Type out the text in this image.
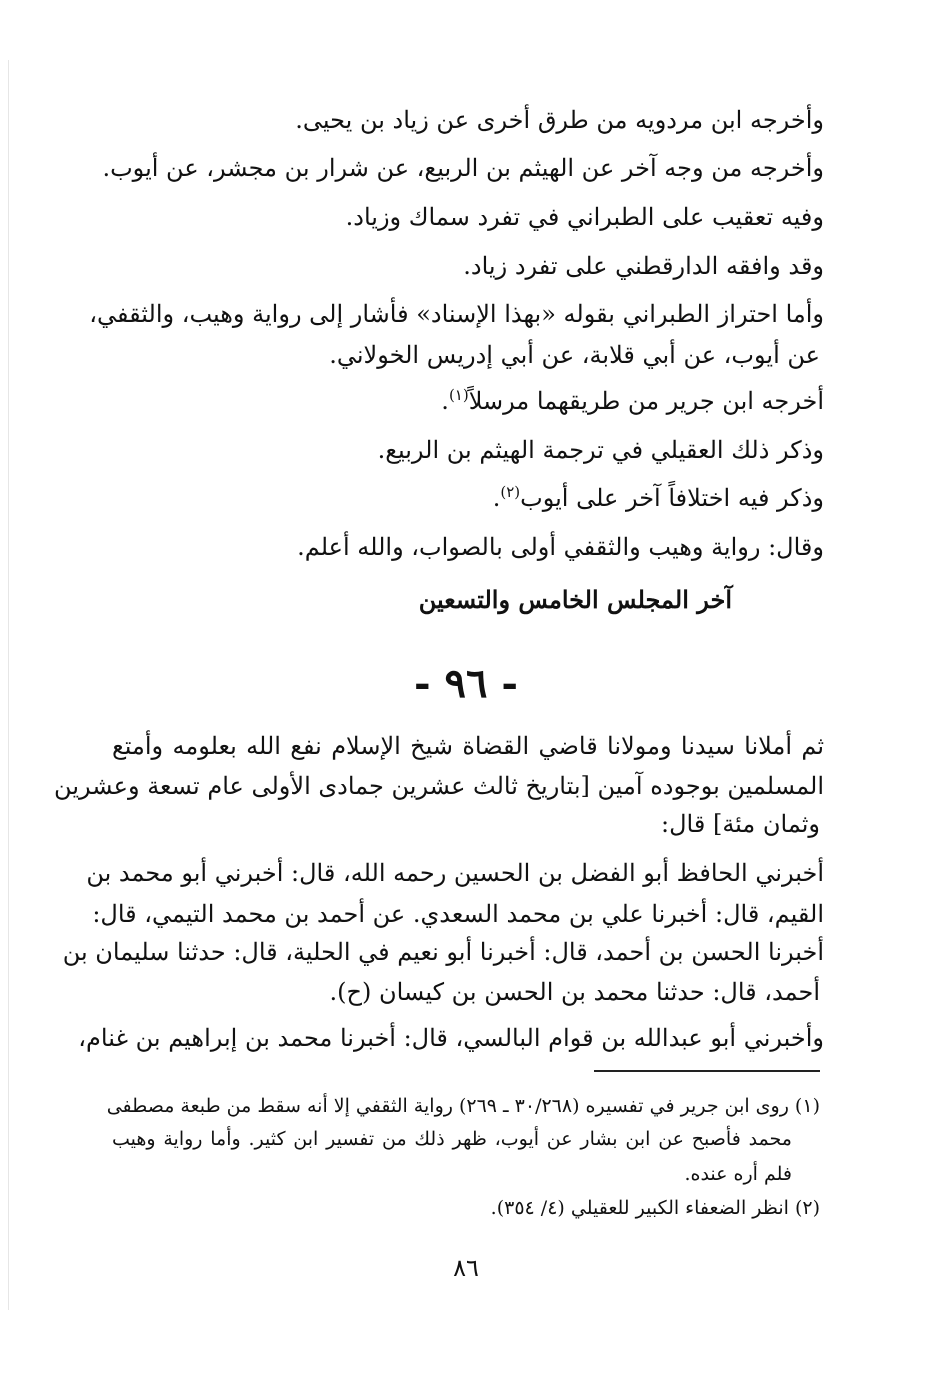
وأخرجه ابن مردويه من طرق أخرى عن زياد بن يحيى.
وأخرجه من وجه آخر عن الهيثم بن الربيع، عن شرار بن مجشر، عن أيوب.
وفيه تعقيب على الطبراني في تفرد سماك وزياد.
وقد وافقه الدارقطني على تفرد زياد.
وأما احتراز الطبراني بقوله «بهذا الإسناد» فأشار إلى رواية وهيب، والثقفي،
عن أيوب، عن أبي قلابة، عن أبي إدريس الخولاني.
أخرجه ابن جرير من طريقهما مرسلاً$^{(١)}$.
وذكر ذلك العقيلي في ترجمة الهيثم بن الربيع.
وذكر فيه اختلافاً آخر على أيوب$^{(٢)}$.
وقال: رواية وهيب والثقفي أولى بالصواب، والله أعلم.
آخر المجلس الخامس والتسعين
- ٩٦ -
ثم أملانا سيدنا ومولانا قاضي القضاة شيخ الإسلام نفع الله بعلومه وأمتع
المسلمين بوجوده آمين [بتاريخ ثالث عشرين جمادى الأولى عام تسعة وعشرين
وثمان مئة] قال:
أخبرني الحافظ أبو الفضل بن الحسين رحمه الله، قال: أخبرني أبو محمد بن
القيم، قال: أخبرنا علي بن محمد السعدي. عن أحمد بن محمد التيمي، قال:
أخبرنا الحسن بن أحمد، قال: أخبرنا أبو نعيم في الحلية، قال: حدثنا سليمان بن
أحمد، قال: حدثنا محمد بن الحسن بن كيسان (ح).
وأخبرني أبو عبدالله بن قوام البالسي، قال: أخبرنا محمد بن إبراهيم بن غنام،
(١) روى ابن جرير في تفسيره (٣٠/٢٦٨ ـ ٢٦٩) رواية الثقفي إلا أنه سقط من طبعة مصطفى
محمد فأصبح عن ابن بشار عن أيوب، ظهر ذلك من تفسير ابن كثير. وأما رواية وهيب
فلم أره عنده.
(٢) انظر الضعفاء الكبير للعقيلي (٤/ ٣٥٤).
٨٦
